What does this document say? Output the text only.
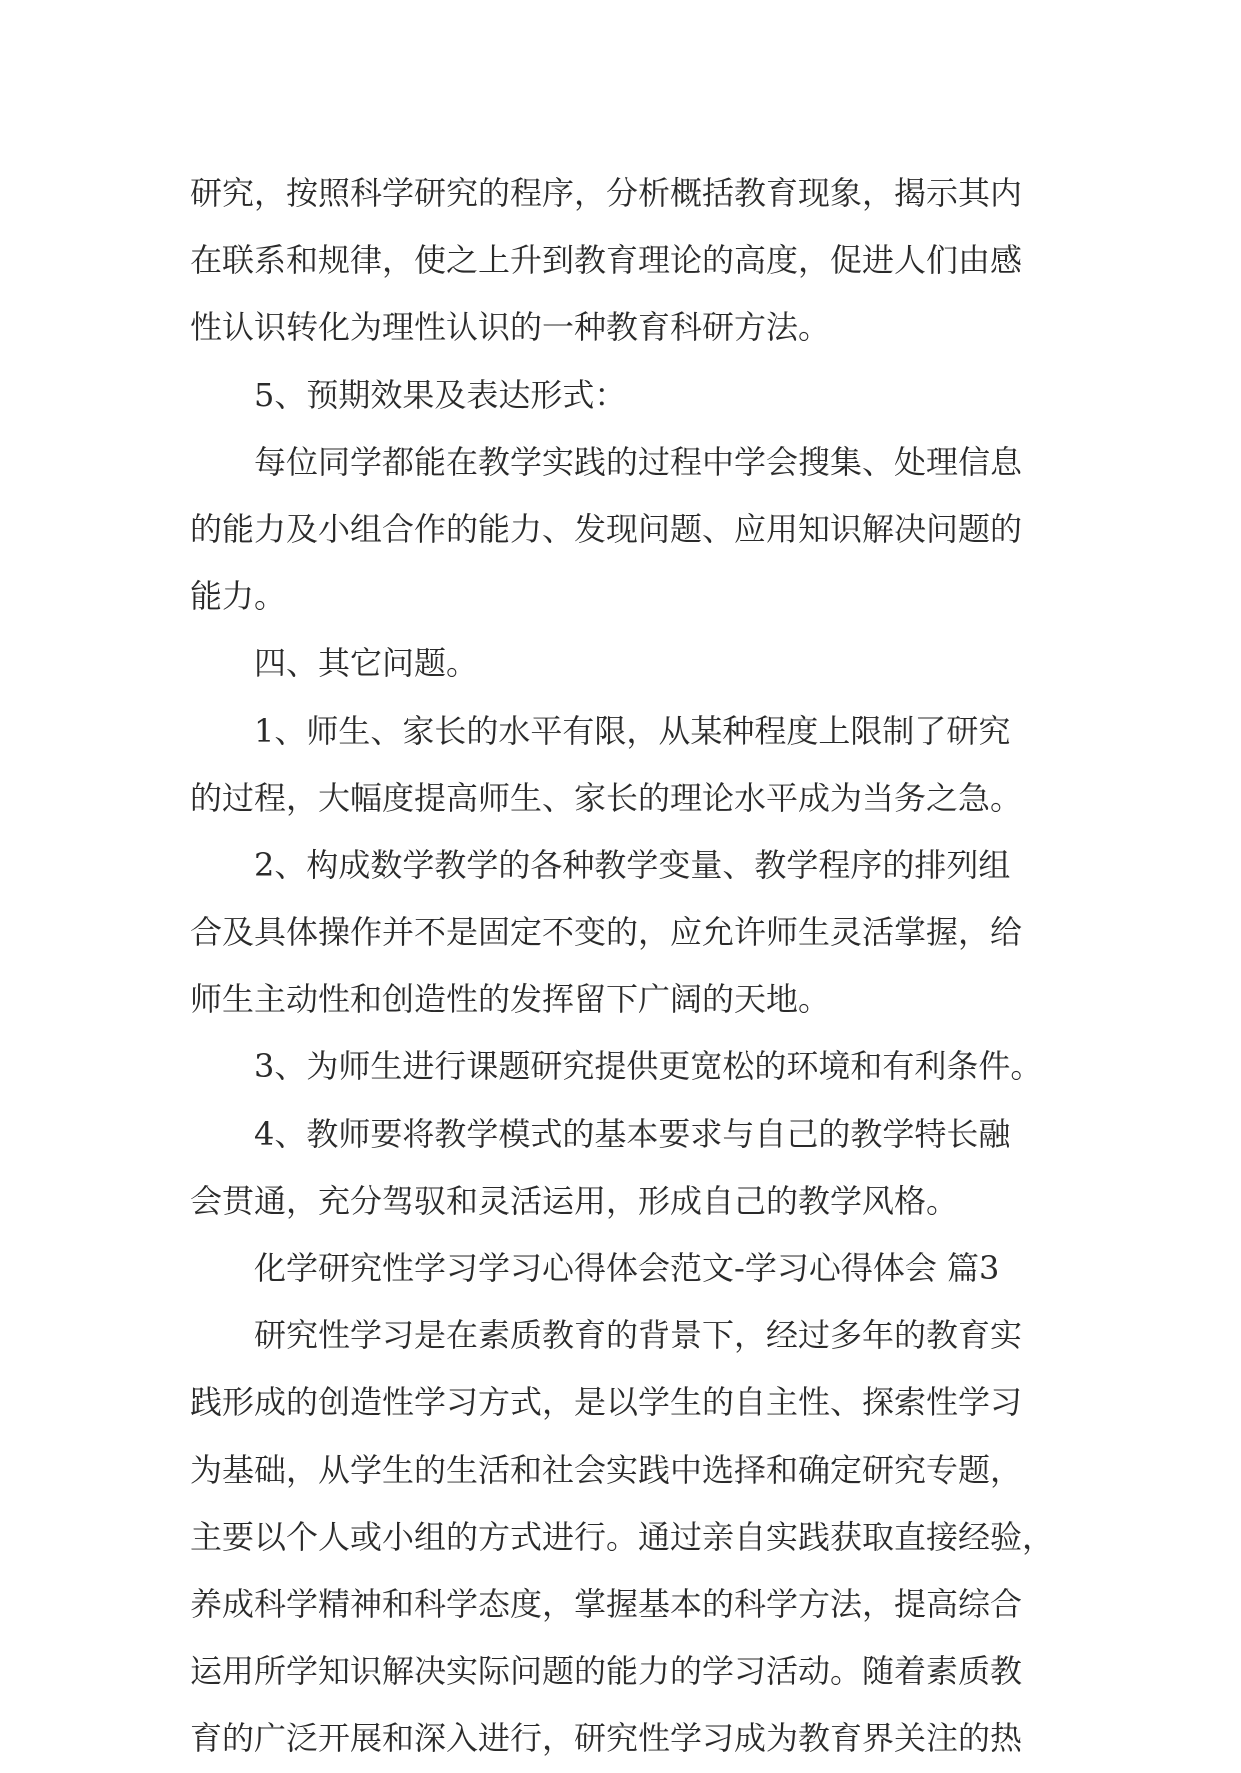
研究，按照科学研究的程序，分析概括教育现象，揭示其内
在联系和规律，使之上升到教育理论的高度，促进人们由感
性认识转化为理性认识的一种教育科研方法。
5、预期效果及表达形式：
每位同学都能在教学实践的过程中学会搜集、处理信息
的能力及小组合作的能力、发现问题、应用知识解决问题的
能力。
四、其它问题。
1、师生、家长的水平有限，从某种程度上限制了研究
的过程，大幅度提高师生、家长的理论水平成为当务之急。
2、构成数学教学的各种教学变量、教学程序的排列组
合及具体操作并不是固定不变的，应允许师生灵活掌握，给
师生主动性和创造性的发挥留下广阔的天地。
3、为师生进行课题研究提供更宽松的环境和有利条件。
4、教师要将教学模式的基本要求与自己的教学特长融
会贯通，充分驾驭和灵活运用，形成自己的教学风格。
化学研究性学习学习心得体会范文-学习心得体会 篇3
研究性学习是在素质教育的背景下，经过多年的教育实
践形成的创造性学习方式，是以学生的自主性、探索性学习
为基础，从学生的生活和社会实践中选择和确定研究专题，
主要以个人或小组的方式进行。通过亲自实践获取直接经验，
养成科学精神和科学态度，掌握基本的科学方法，提高综合
运用所学知识解决实际问题的能力的学习活动。随着素质教
育的广泛开展和深入进行，研究性学习成为教育界关注的热
